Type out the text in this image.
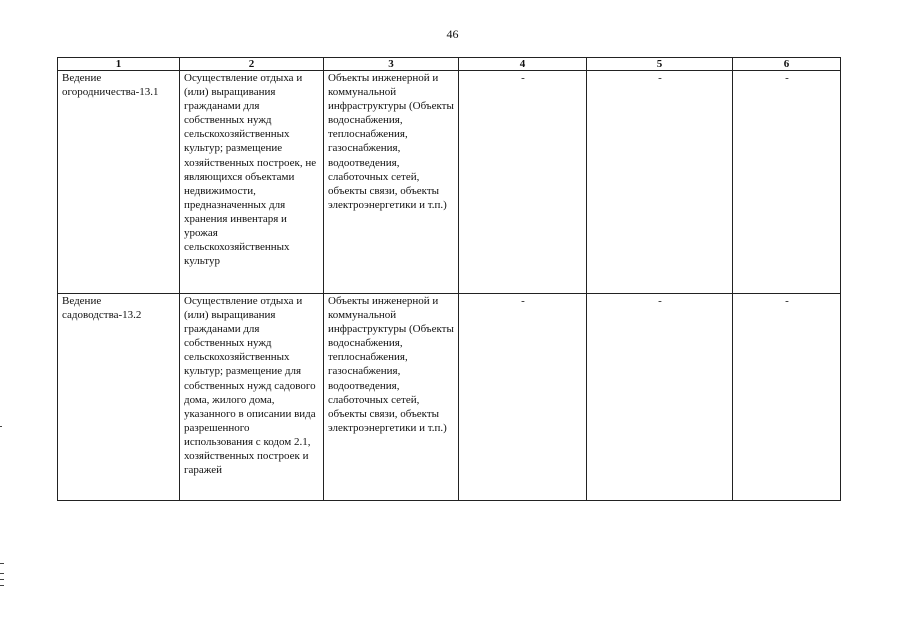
46
1	2	3	4	5	6
Ведение огородничества-13.1	Осуществление отдыха и (или) выращивания гражданами для собственных нужд сельскохозяйственных культур; размещение хозяйственных построек, не являющихся объектами недвижимости, предназначенных для хранения инвентаря и урожая сельскохозяйственных культур	Объекты инженерной и коммунальной инфраструктуры (Объекты водоснабжения, теплоснабжения, газоснабжения, водоотведения, слаботочных сетей, объекты связи, объекты электроэнергетики и т.п.)	-	-	-
Ведение садоводства-13.2	Осуществление отдыха и (или) выращивания гражданами для собственных нужд сельскохозяйственных культур; размещение для собственных нужд садового дома, жилого дома, указанного в описании вида разрешенного использования с кодом 2.1, хозяйственных построек и гаражей	Объекты инженерной и коммунальной инфраструктуры (Объекты водоснабжения, теплоснабжения, газоснабжения, водоотведения, слаботочных сетей, объекты связи, объекты электроэнергетики и т.п.)	-	-	-
